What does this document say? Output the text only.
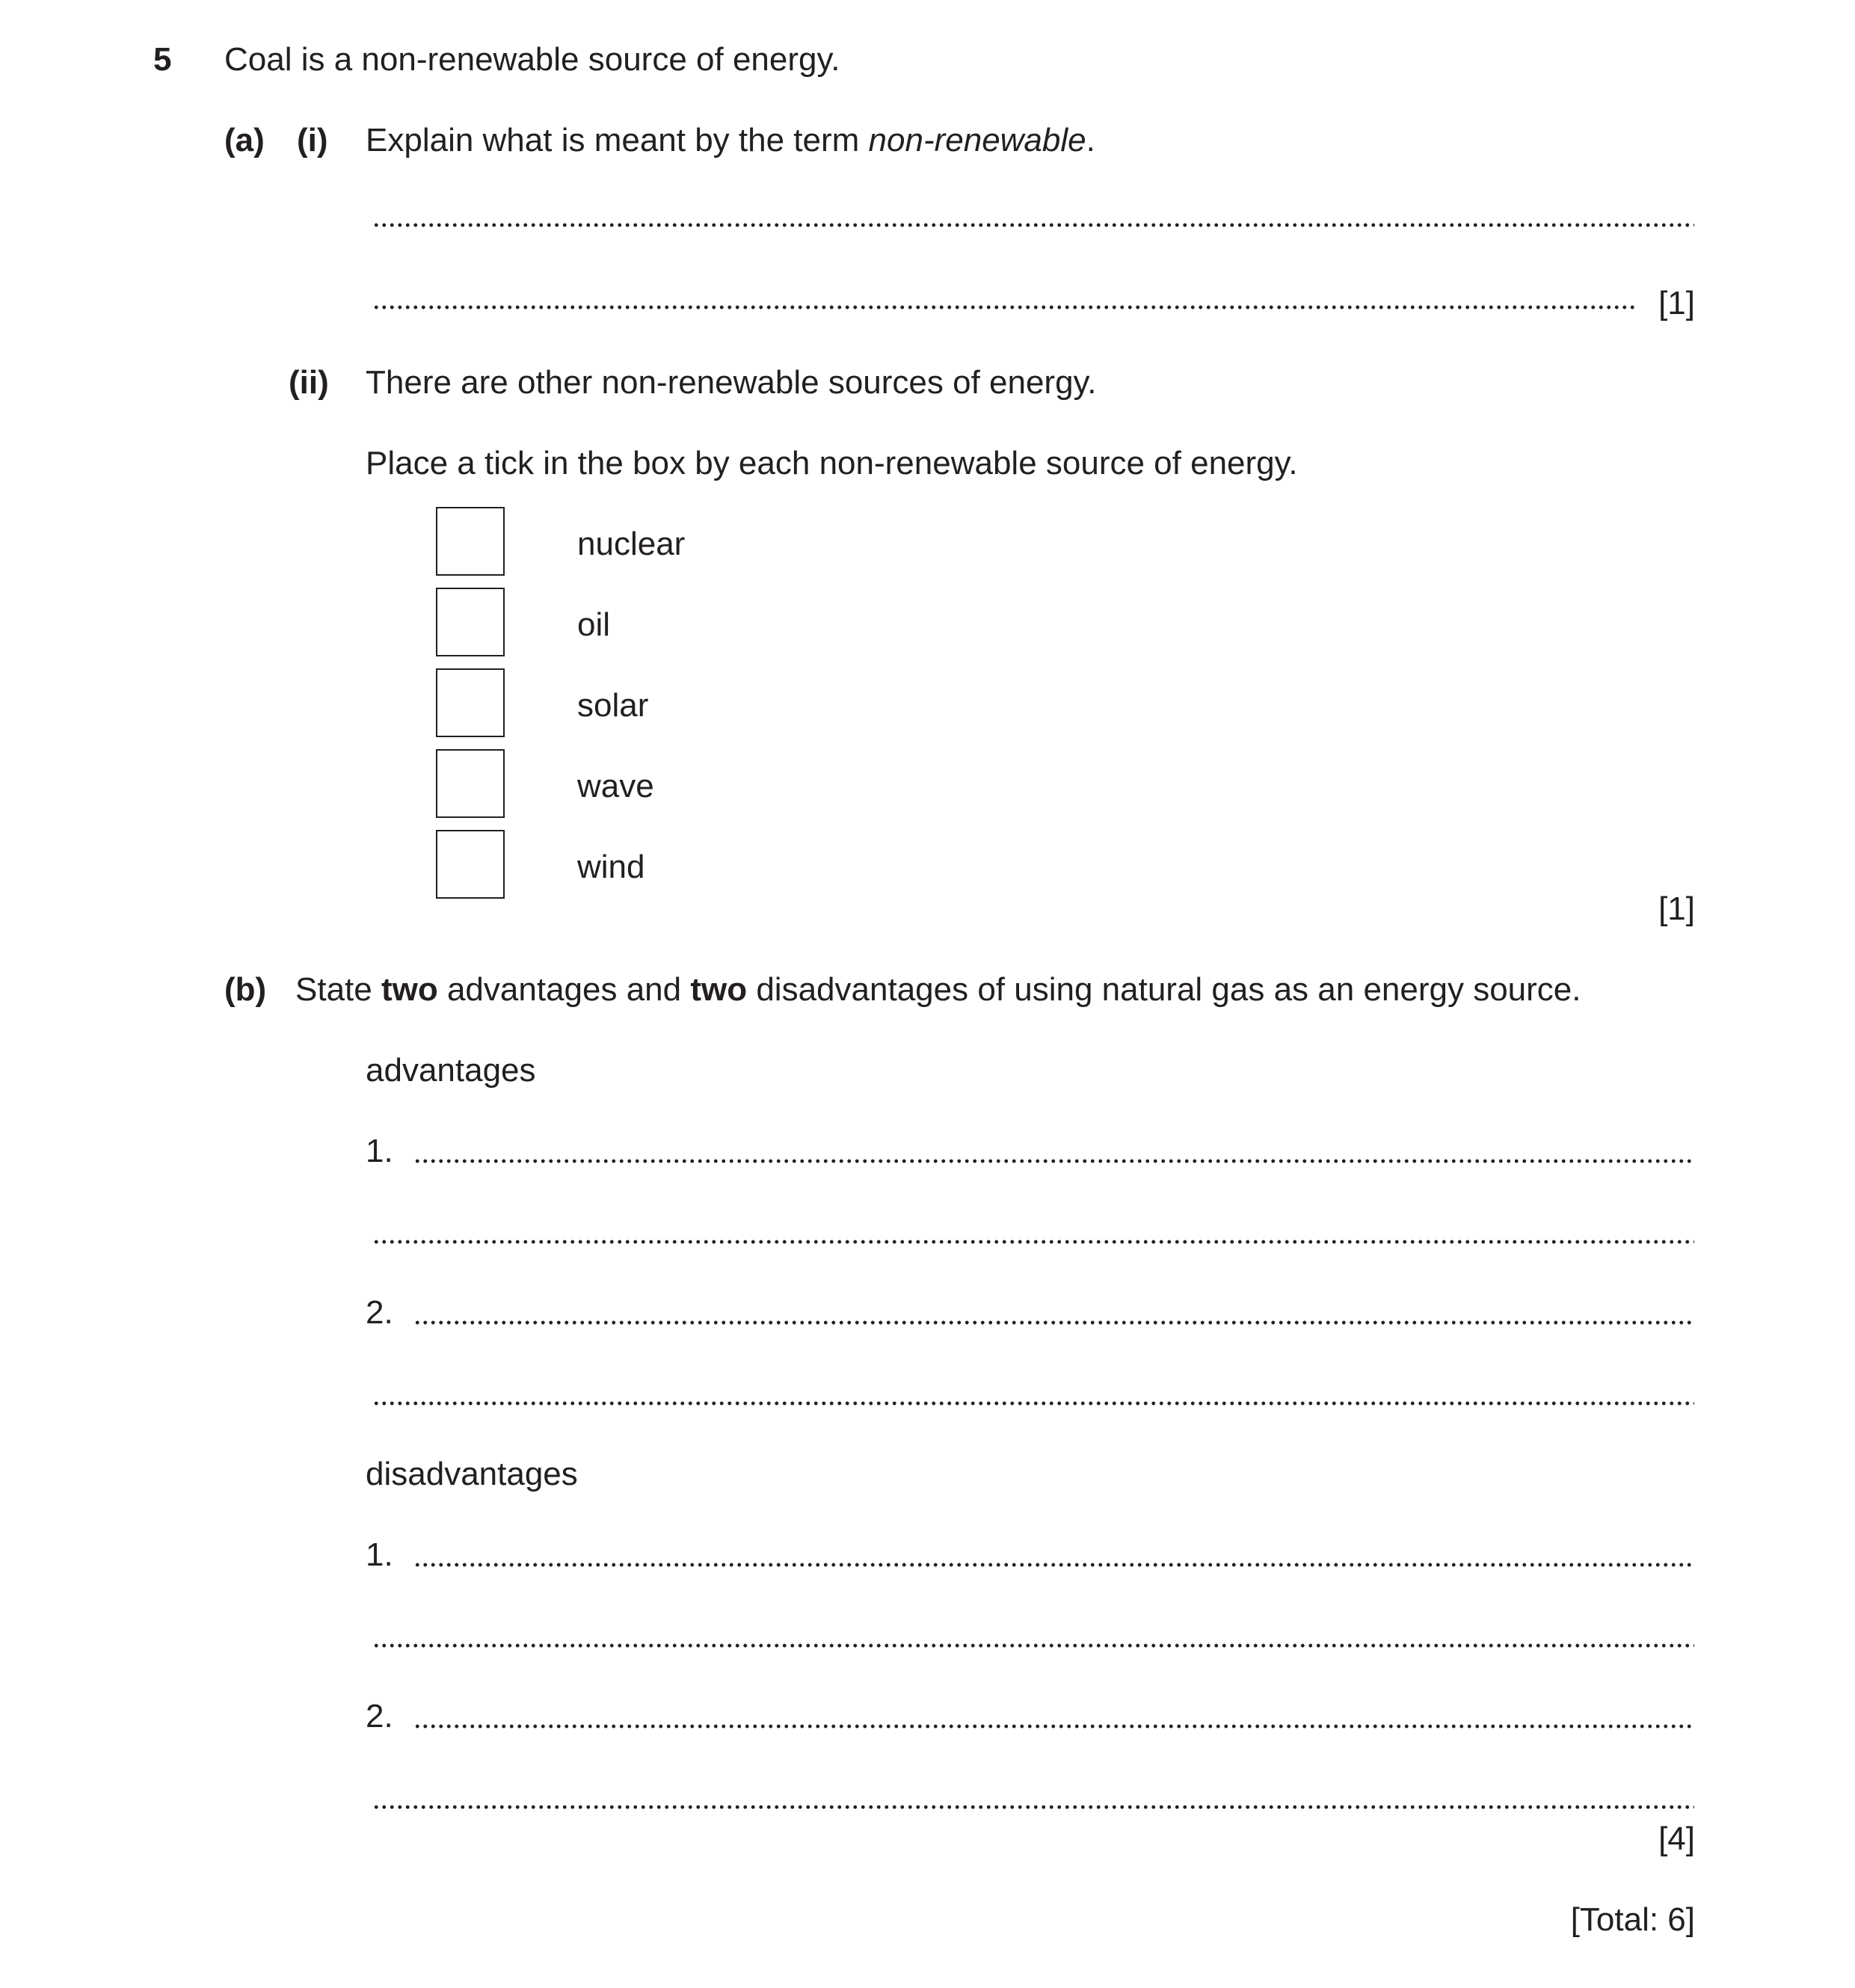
5 Coal is a non-renewable source of energy.
(a) (i) Explain what is meant by the term non-renewable.
[1]
(ii) There are other non-renewable sources of energy.
Place a tick in the box by each non-renewable source of energy.
nuclear
oil
solar
wave
wind
[1]
(b) State two advantages and two disadvantages of using natural gas as an energy source.
advantages
1.
2.
disadvantages
1.
2.
[4]
[Total: 6]
